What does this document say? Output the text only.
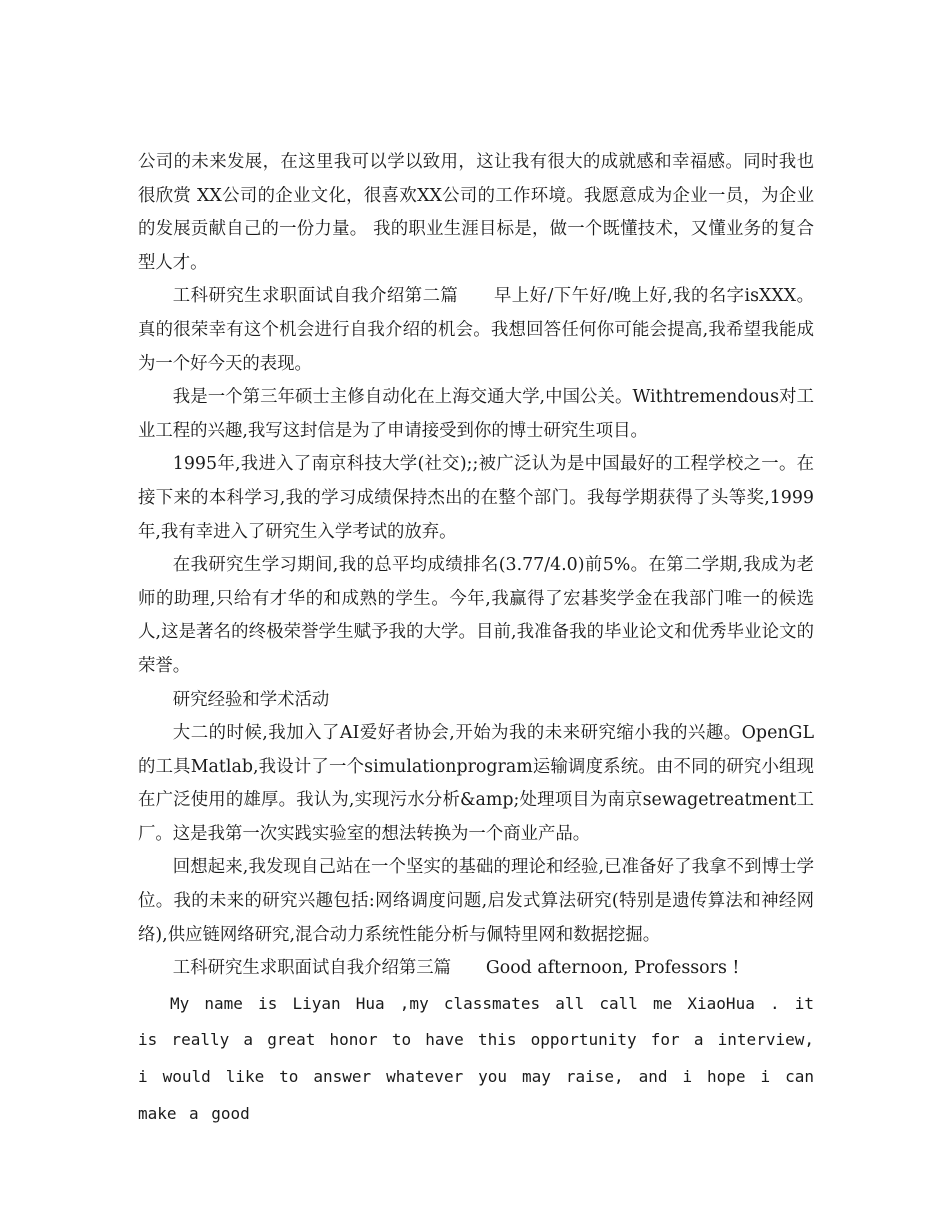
公司的未来发展，在这里我可以学以致用，这让我有很大的成就感和幸福感。同时我也很欣赏 XX公司的企业文化，很喜欢XX公司的工作环境。我愿意成为企业一员，为企业的发展贡献自己的一份力量。 我的职业生涯目标是，做一个既懂技术，又懂业务的复合型人才。

工科研究生求职面试自我介绍第二篇　　早上好/下午好/晚上好,我的名字isXXX。真的很荣幸有这个机会进行自我介绍的机会。我想回答任何你可能会提高,我希望我能成为一个好今天的表现。

我是一个第三年硕士主修自动化在上海交通大学,中国公关。Withtremendous对工业工程的兴趣,我写这封信是为了申请接受到你的博士研究生项目。

1995年,我进入了南京科技大学(社交);;被广泛认为是中国最好的工程学校之一。在接下来的本科学习,我的学习成绩保持杰出的在整个部门。我每学期获得了头等奖,1999年,我有幸进入了研究生入学考试的放弃。

在我研究生学习期间,我的总平均成绩排名(3.77/4.0)前5%。在第二学期,我成为老师的助理,只给有才华的和成熟的学生。今年,我赢得了宏碁奖学金在我部门唯一的候选人,这是著名的终极荣誉学生赋予我的大学。目前,我准备我的毕业论文和优秀毕业论文的荣誉。

研究经验和学术活动

大二的时候,我加入了AI爱好者协会,开始为我的未来研究缩小我的兴趣。OpenGL的工具Matlab,我设计了一个simulationprogram运输调度系统。由不同的研究小组现在广泛使用的雄厚。我认为,实现污水分析&amp;处理项目为南京sewagetreatment工厂。这是我第一次实践实验室的想法转换为一个商业产品。

回想起来,我发现自己站在一个坚实的基础的理论和经验,已准备好了我拿不到博士学位。我的未来的研究兴趣包括:网络调度问题,启发式算法研究(特别是遗传算法和神经网络),供应链网络研究,混合动力系统性能分析与佩特里网和数据挖掘。

工科研究生求职面试自我介绍第三篇　　Good afternoon, Professors !

My name is Liyan Hua ,my classmates all call me XiaoHua . it is really a great honor to have this opportunity for a interview, i would like to answer whatever you may raise, and i hope i can make a good
